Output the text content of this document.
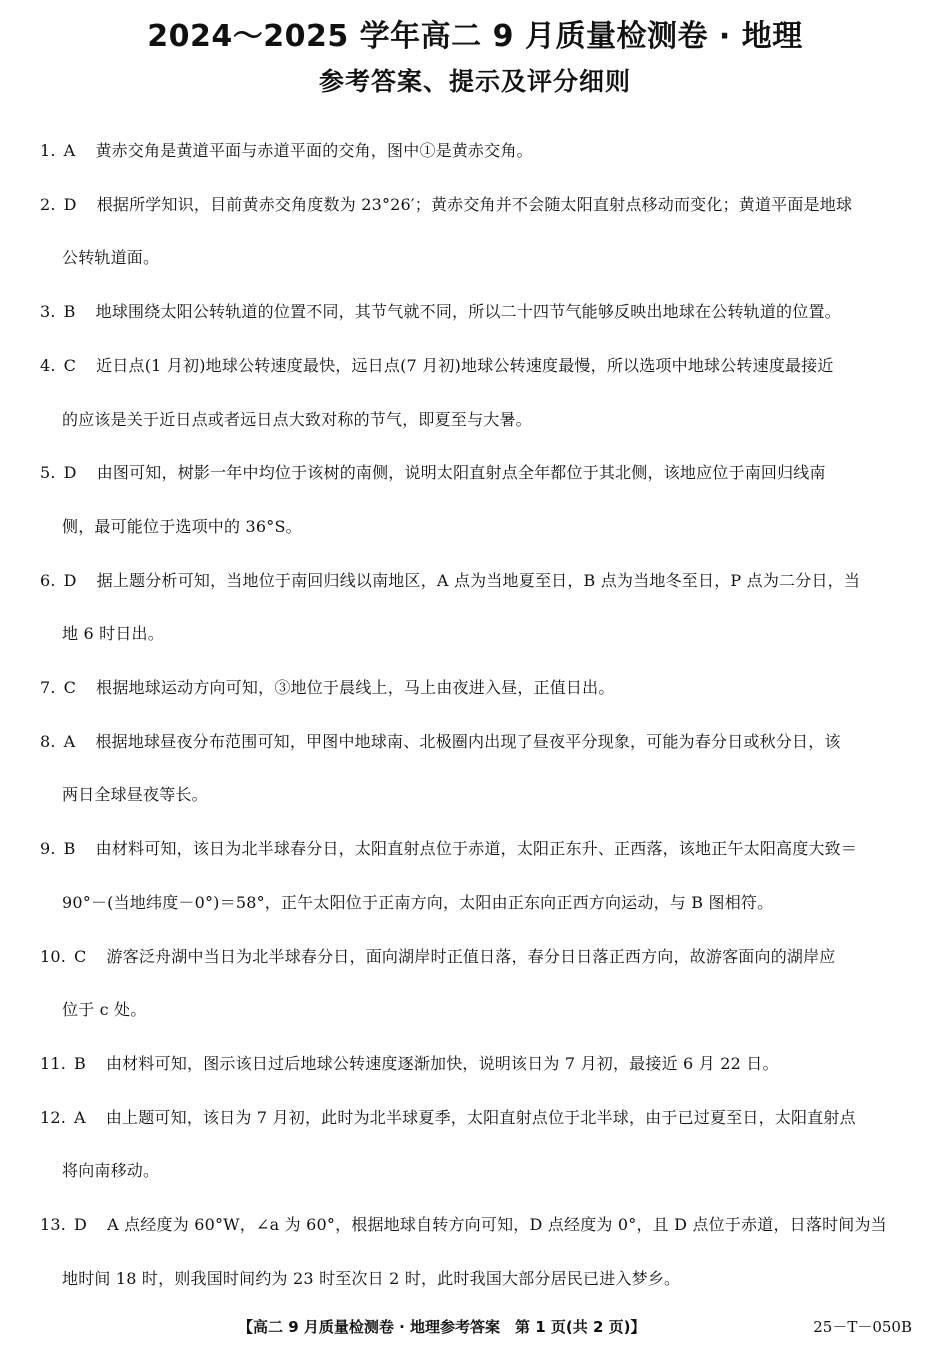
2024～2025 学年高二 9 月质量检测卷 · 地理
参考答案、提示及评分细则
1. A 黄赤交角是黄道平面与赤道平面的交角，图中①是黄赤交角。
2. D 根据所学知识，目前黄赤交角度数为 23°26′；黄赤交角并不会随太阳直射点移动而变化；黄道平面是地球
公转轨道面。
3. B 地球围绕太阳公转轨道的位置不同，其节气就不同，所以二十四节气能够反映出地球在公转轨道的位置。
4. C 近日点(1 月初)地球公转速度最快，远日点(7 月初)地球公转速度最慢，所以选项中地球公转速度最接近
的应该是关于近日点或者远日点大致对称的节气，即夏至与大暑。
5. D 由图可知，树影一年中均位于该树的南侧，说明太阳直射点全年都位于其北侧，该地应位于南回归线南
侧，最可能位于选项中的 36°S。
6. D 据上题分析可知，当地位于南回归线以南地区，A 点为当地夏至日，B 点为当地冬至日，P 点为二分日，当
地 6 时日出。
7. C 根据地球运动方向可知，③地位于晨线上，马上由夜进入昼，正值日出。
8. A 根据地球昼夜分布范围可知，甲图中地球南、北极圈内出现了昼夜平分现象，可能为春分日或秋分日，该
两日全球昼夜等长。
9. B 由材料可知，该日为北半球春分日，太阳直射点位于赤道，太阳正东升、正西落，该地正午太阳高度大致＝
90°－(当地纬度－0°)＝58°，正午太阳位于正南方向，太阳由正东向正西方向运动，与 B 图相符。
10. C 游客泛舟湖中当日为北半球春分日，面向湖岸时正值日落，春分日日落正西方向，故游客面向的湖岸应
位于 c 处。
11. B 由材料可知，图示该日过后地球公转速度逐渐加快，说明该日为 7 月初，最接近 6 月 22 日。
12. A 由上题可知，该日为 7 月初，此时为北半球夏季，太阳直射点位于北半球，由于已过夏至日，太阳直射点
将向南移动。
13. D A 点经度为 60°W，∠a 为 60°，根据地球自转方向可知，D 点经度为 0°，且 D 点位于赤道，日落时间为当
地时间 18 时，则我国时间约为 23 时至次日 2 时，此时我国大部分居民已进入梦乡。
【高二 9 月质量检测卷 · 地理参考答案　第 1 页(共 2 页)】	25－T－050B
